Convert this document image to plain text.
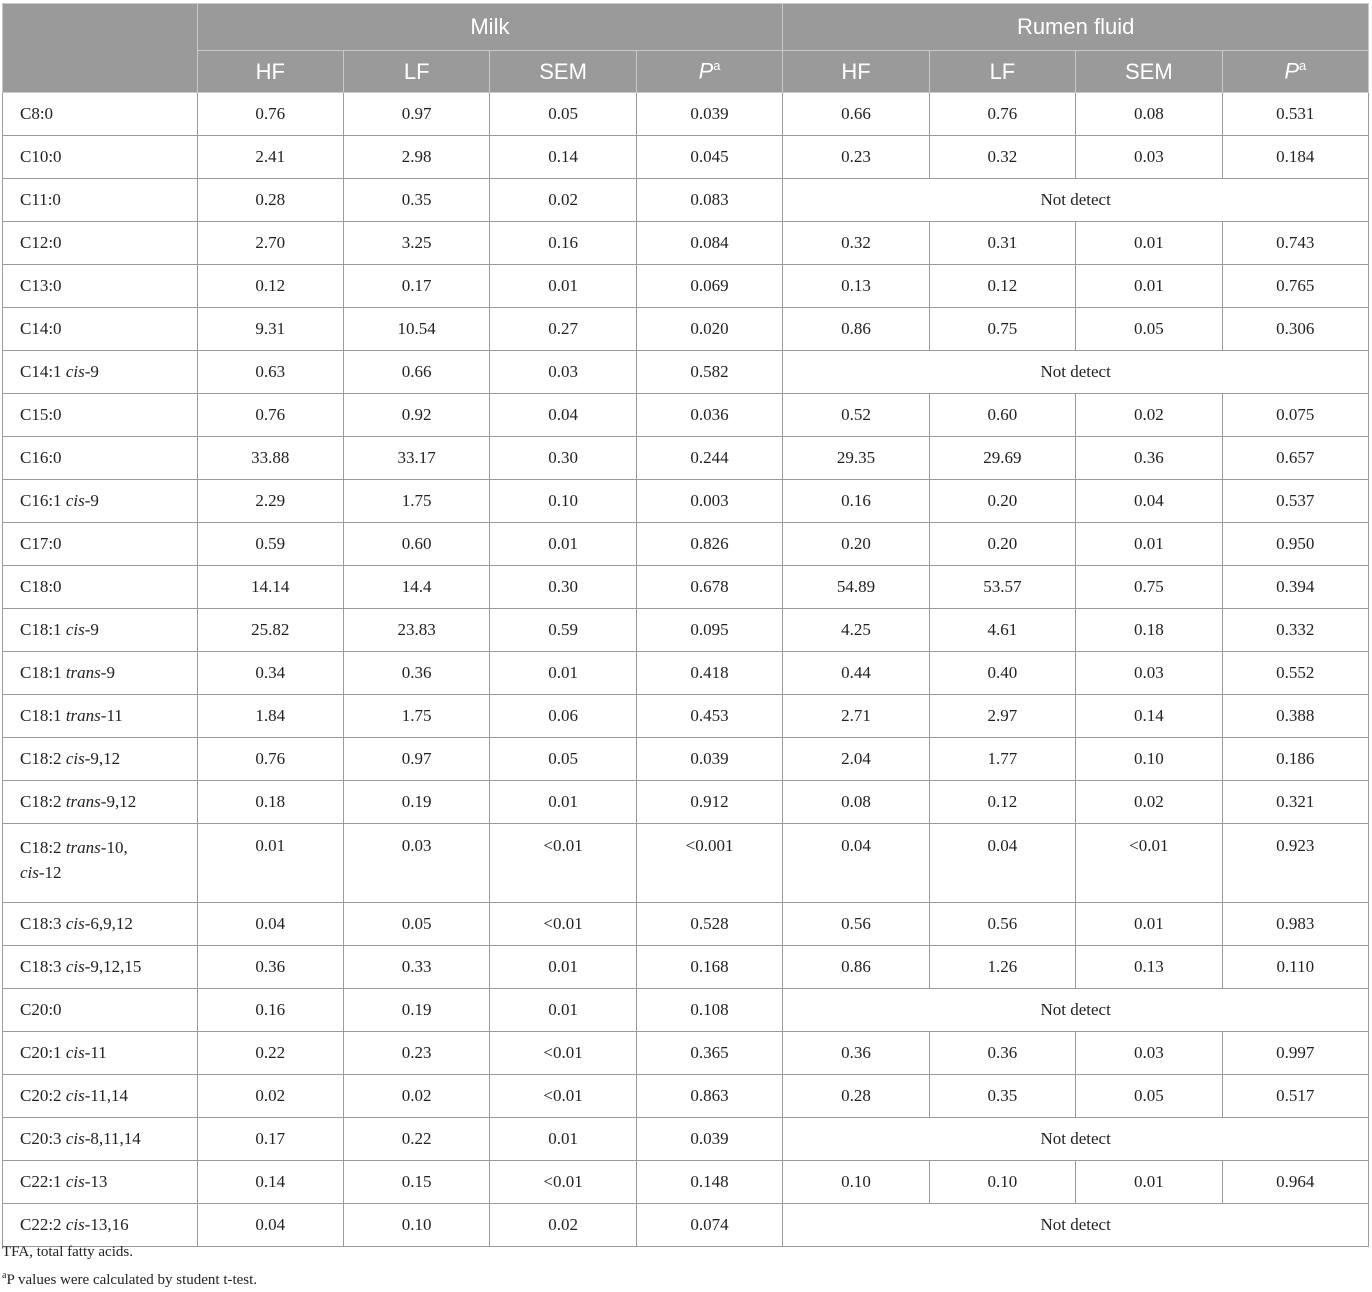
	Milk				Rumen fluid			
	HF	LF	SEM	$P^a$	HF	LF	SEM	$P^a$
C8:0	0.76	0.97	0.05	0.039	0.66	0.76	0.08	0.531
C10:0	2.41	2.98	0.14	0.045	0.23	0.32	0.03	0.184
C11:0	0.28	0.35	0.02	0.083	Not detect			
C12:0	2.70	3.25	0.16	0.084	0.32	0.31	0.01	0.743
C13:0	0.12	0.17	0.01	0.069	0.13	0.12	0.01	0.765
C14:0	9.31	10.54	0.27	0.020	0.86	0.75	0.05	0.306
C14:1 cis-9	0.63	0.66	0.03	0.582	Not detect			
C15:0	0.76	0.92	0.04	0.036	0.52	0.60	0.02	0.075
C16:0	33.88	33.17	0.30	0.244	29.35	29.69	0.36	0.657
C16:1 cis-9	2.29	1.75	0.10	0.003	0.16	0.20	0.04	0.537
C17:0	0.59	0.60	0.01	0.826	0.20	0.20	0.01	0.950
C18:0	14.14	14.4	0.30	0.678	54.89	53.57	0.75	0.394
C18:1 cis-9	25.82	23.83	0.59	0.095	4.25	4.61	0.18	0.332
C18:1 trans-9	0.34	0.36	0.01	0.418	0.44	0.40	0.03	0.552
C18:1 trans-11	1.84	1.75	0.06	0.453	2.71	2.97	0.14	0.388
C18:2 cis-9,12	0.76	0.97	0.05	0.039	2.04	1.77	0.10	0.186
C18:2 trans-9,12	0.18	0.19	0.01	0.912	0.08	0.12	0.02	0.321
C18:2 trans-10,
cis-12	0.01	0.03	<0.01	<0.001	0.04	0.04	<0.01	0.923
C18:3 cis-6,9,12	0.04	0.05	<0.01	0.528	0.56	0.56	0.01	0.983
C18:3 cis-9,12,15	0.36	0.33	0.01	0.168	0.86	1.26	0.13	0.110
C20:0	0.16	0.19	0.01	0.108	Not detect			
C20:1 cis-11	0.22	0.23	<0.01	0.365	0.36	0.36	0.03	0.997
C20:2 cis-11,14	0.02	0.02	<0.01	0.863	0.28	0.35	0.05	0.517
C20:3 cis-8,11,14	0.17	0.22	0.01	0.039	Not detect			
C22:1 cis-13	0.14	0.15	<0.01	0.148	0.10	0.10	0.01	0.964
C22:2 cis-13,16	0.04	0.10	0.02	0.074	Not detect			
TFA, total fatty acids.
$^a$P values were calculated by student t-test.
